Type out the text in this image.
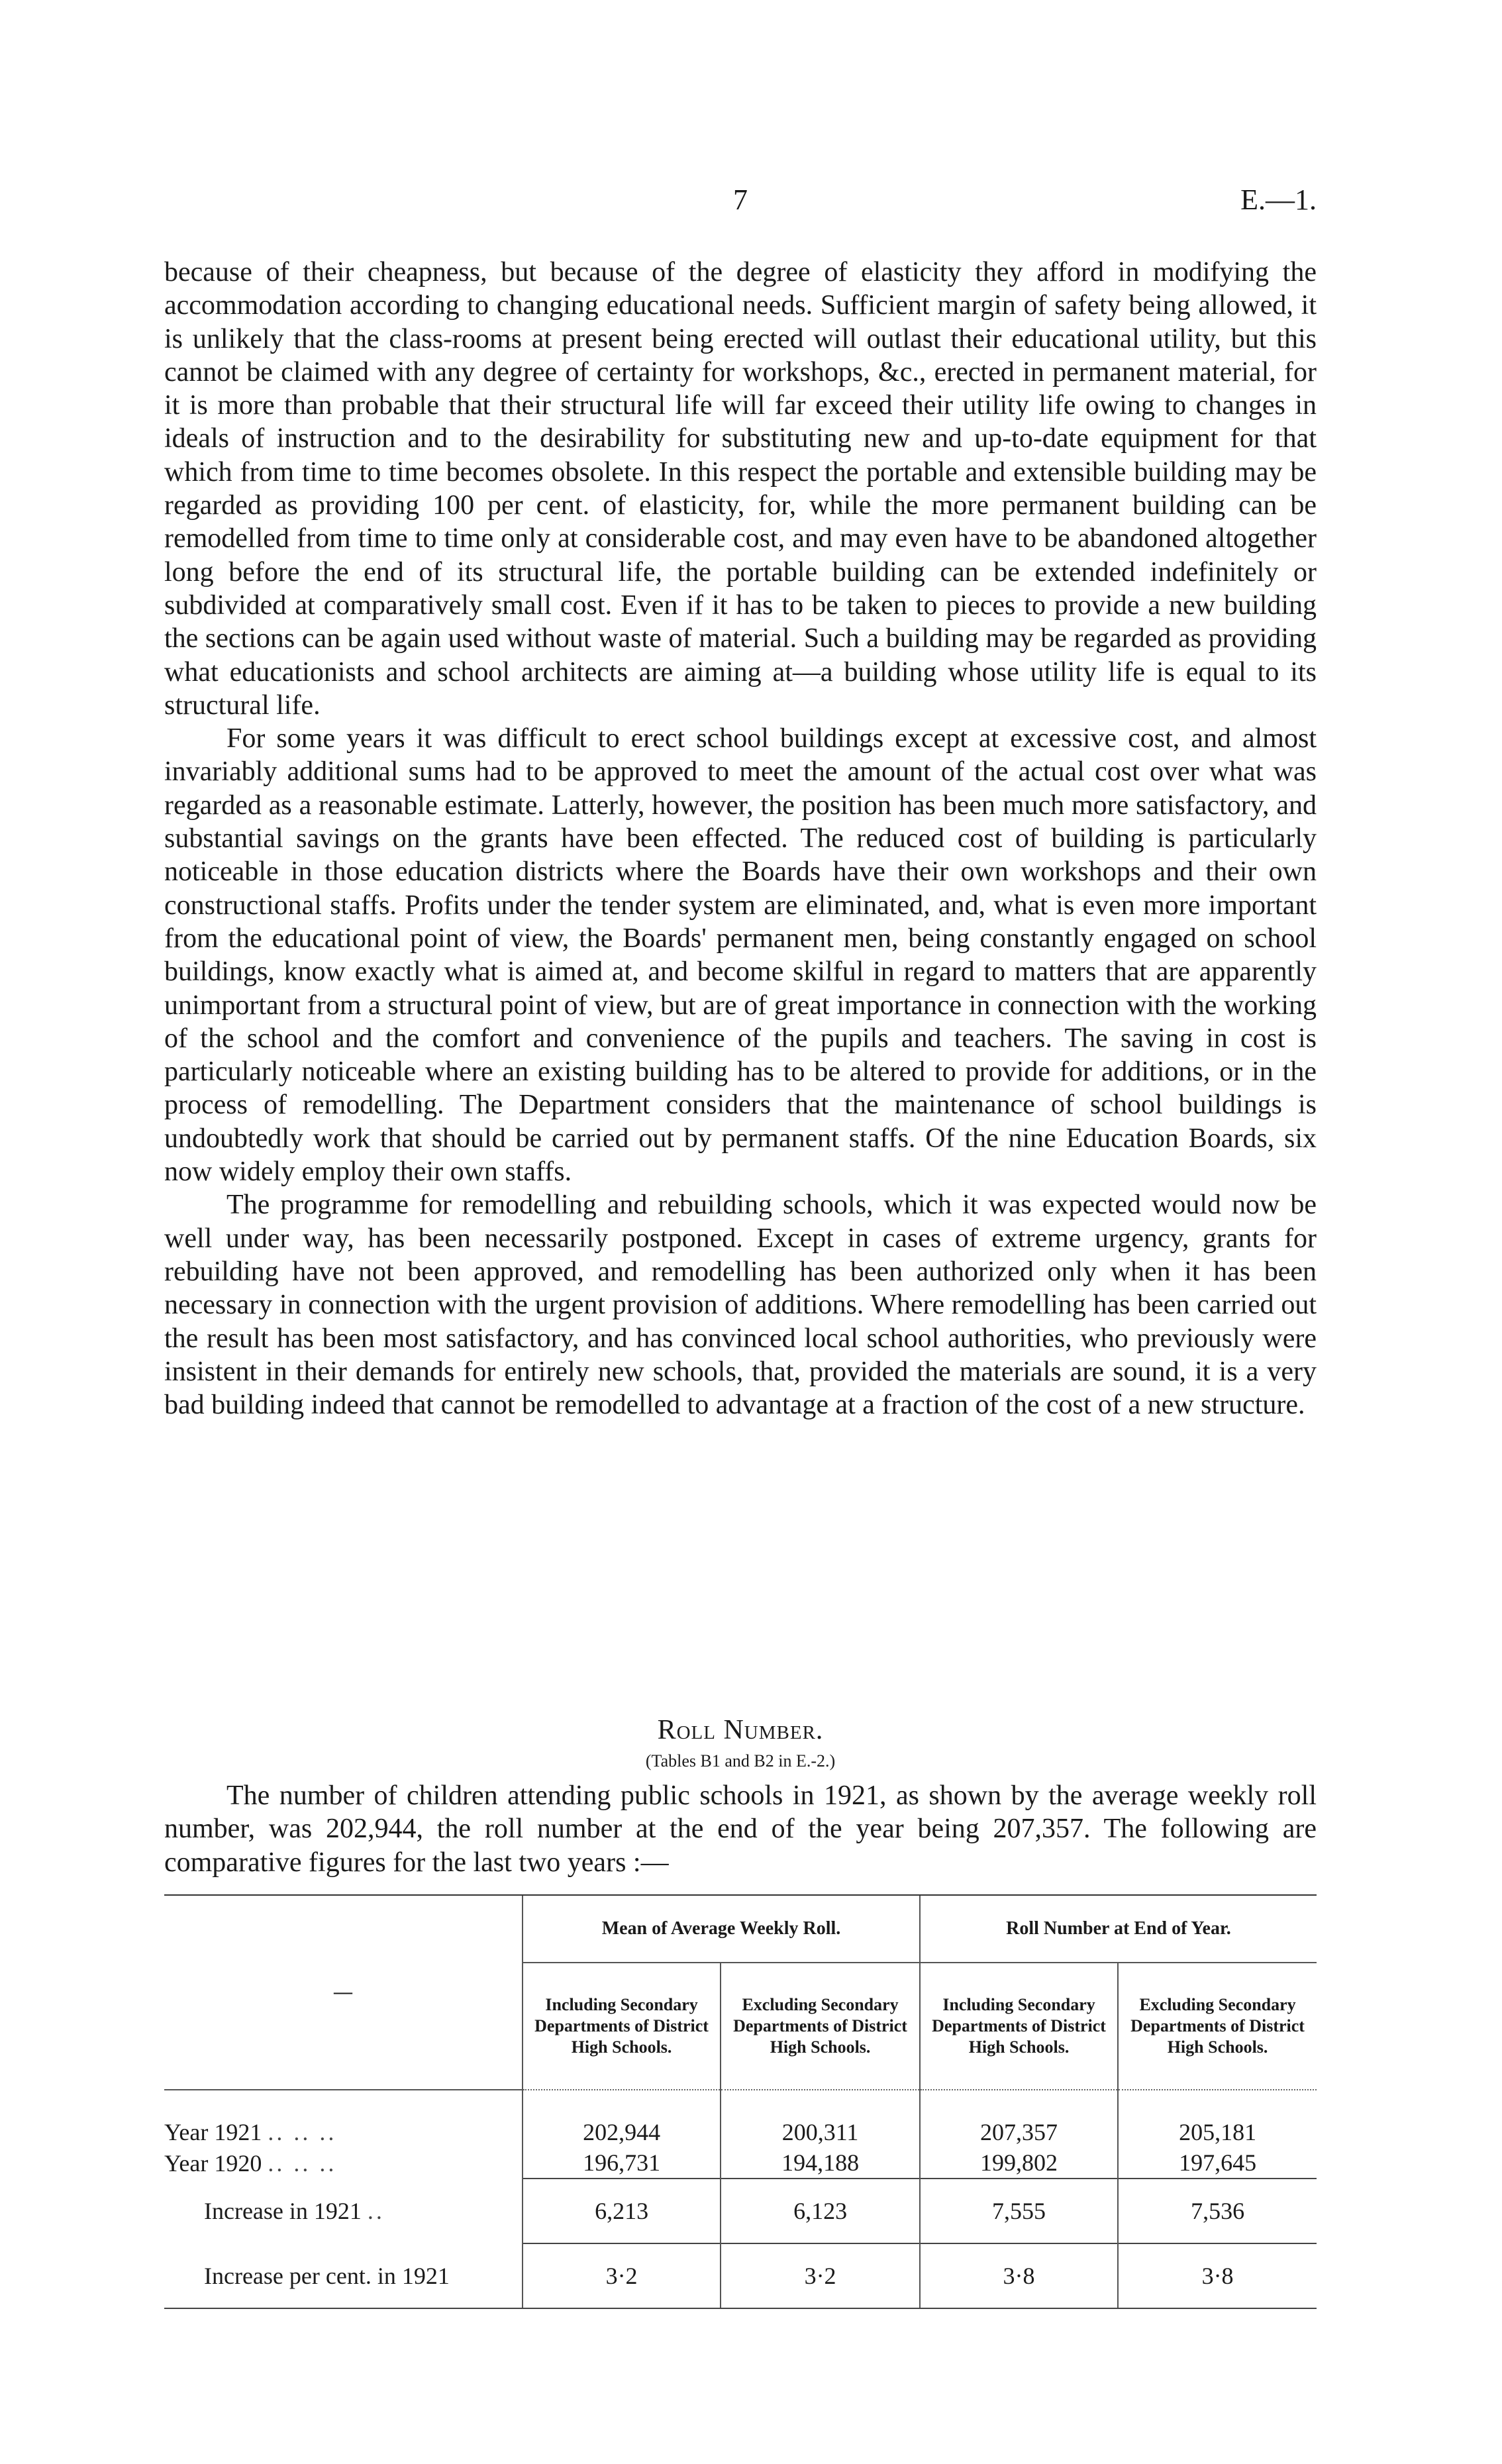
7	E.—1.

because of their cheapness, but because of the degree of elasticity they afford in modifying the accommodation according to changing educational needs. Sufficient margin of safety being allowed, it is unlikely that the class-rooms at present being erected will outlast their educational utility, but this cannot be claimed with any degree of certainty for workshops, &c., erected in permanent material, for it is more than probable that their structural life will far exceed their utility life owing to changes in ideals of instruction and to the desirability for substituting new and up-to-date equipment for that which from time to time becomes obsolete. In this respect the portable and extensible building may be regarded as providing 100 per cent. of elasticity, for, while the more permanent building can be remodelled from time to time only at considerable cost, and may even have to be abandoned altogether long before the end of its structural life, the portable building can be extended indefinitely or subdivided at comparatively small cost. Even if it has to be taken to pieces to provide a new building the sections can be again used without waste of material. Such a building may be regarded as providing what educationists and school architects are aiming at—a building whose utility life is equal to its structural life.

For some years it was difficult to erect school buildings except at excessive cost, and almost invariably additional sums had to be approved to meet the amount of the actual cost over what was regarded as a reasonable estimate. Latterly, however, the position has been much more satisfactory, and substantial savings on the grants have been effected. The reduced cost of building is particularly noticeable in those education districts where the Boards have their own workshops and their own constructional staffs. Profits under the tender system are eliminated, and, what is even more important from the educational point of view, the Boards' permanent men, being constantly engaged on school buildings, know exactly what is aimed at, and become skilful in regard to matters that are apparently unimportant from a structural point of view, but are of great importance in connection with the working of the school and the comfort and convenience of the pupils and teachers. The saving in cost is particularly noticeable where an existing building has to be altered to provide for additions, or in the process of remodelling. The Department considers that the maintenance of school buildings is undoubtedly work that should be carried out by permanent staffs. Of the nine Education Boards, six now widely employ their own staffs.

The programme for remodelling and rebuilding schools, which it was expected would now be well under way, has been necessarily postponed. Except in cases of extreme urgency, grants for rebuilding have not been approved, and remodelling has been authorized only when it has been necessary in connection with the urgent provision of additions. Where remodelling has been carried out the result has been most satisfactory, and has convinced local school authorities, who previously were insistent in their demands for entirely new schools, that, provided the materials are sound, it is a very bad building indeed that cannot be remodelled to advantage at a fraction of the cost of a new structure.

Roll Number.
(Tables B1 and B2 in E.-2.)

The number of children attending public schools in 1921, as shown by the average weekly roll number, was 202,944, the roll number at the end of the year being 207,357. The following are comparative figures for the last two years :—

—	Mean of Average Weekly Roll.		Roll Number at End of Year.	
	Including Secondary Departments of District High Schools.	Excluding Secondary Departments of District High Schools.	Including Secondary Departments of District High Schools.	Excluding Secondary Departments of District High Schools.

Year 1921 .. .. ..	202,944	200,311	207,357	205,181
Year 1920 .. .. ..	196,731	194,188	199,802	197,645
Increase in 1921 ..	6,213	6,123	7,555	7,536
Increase per cent. in 1921	3·2	3·2	3·8	3·8
